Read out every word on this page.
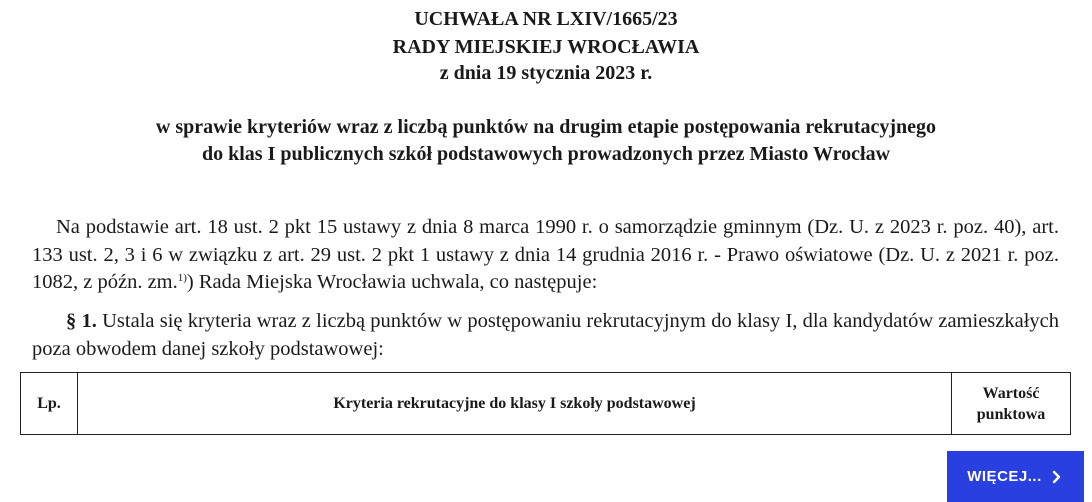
UCHWAŁA NR LXIV/1665/23
RADY MIEJSKIEJ WROCŁAWIA
z dnia 19 stycznia 2023 r.
w sprawie kryteriów wraz z liczbą punktów na drugim etapie postępowania rekrutacyjnego
do klas I publicznych szkół podstawowych prowadzonych przez Miasto Wrocław

Na podstawie art. 18 ust. 2 pkt 15 ustawy z dnia 8 marca 1990 r. o samorządzie gminnym (Dz. U. z 2023 r. poz. 40), art. 133 ust. 2, 3 i 6 w związku z art. 29 ust. 2 pkt 1 ustawy z dnia 14 grudnia 2016 r. - Prawo oświatowe (Dz. U. z 2021 r. poz. 1082, z późn. zm.$^{1)}$) Rada Miejska Wrocławia uchwala, co następuje:

§ 1. Ustala się kryteria wraz z liczbą punktów w postępowaniu rekrutacyjnym do klasy I, dla kandydatów zamieszkałych poza obwodem danej szkoły podstawowej:

Lp.	Kryteria rekrutacyjne do klasy I szkoły podstawowej	Wartość
punktowa
WIĘCEJ...
